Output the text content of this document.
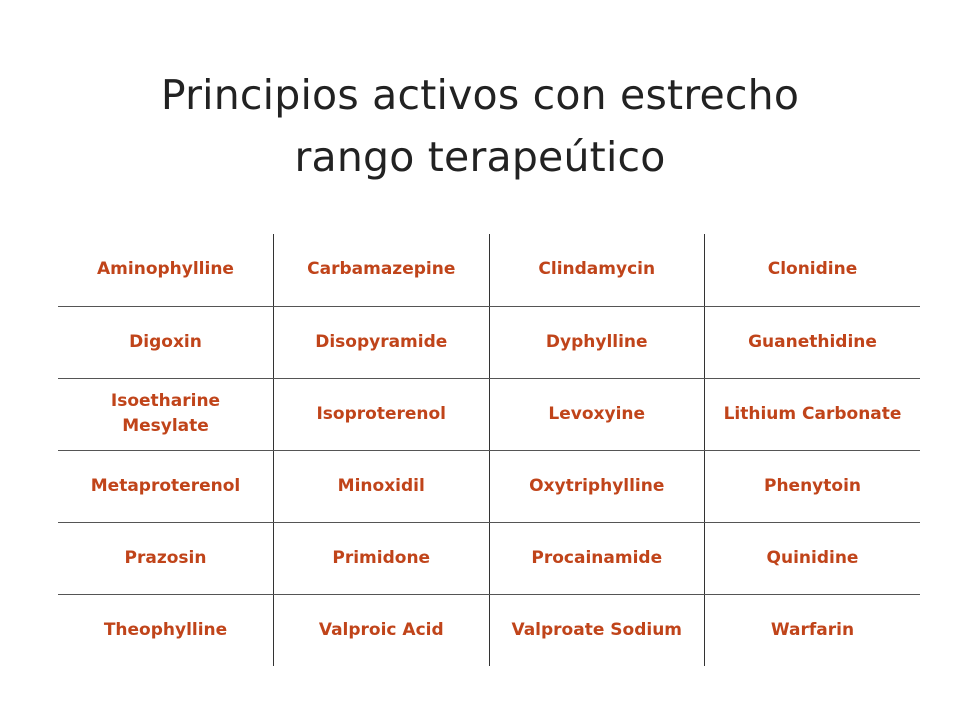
Principios activos con estrecho
rango terapeútico
Aminophylline	Carbamazepine	Clindamycin	Clonidine
Digoxin	Disopyramide	Dyphylline	Guanethidine
Isoetharine Mesylate	Isoproterenol	Levoxyine	Lithium Carbonate
Metaproterenol	Minoxidil	Oxytriphylline	Phenytoin
Prazosin	Primidone	Procainamide	Quinidine
Theophylline	Valproic Acid	Valproate Sodium	Warfarin
